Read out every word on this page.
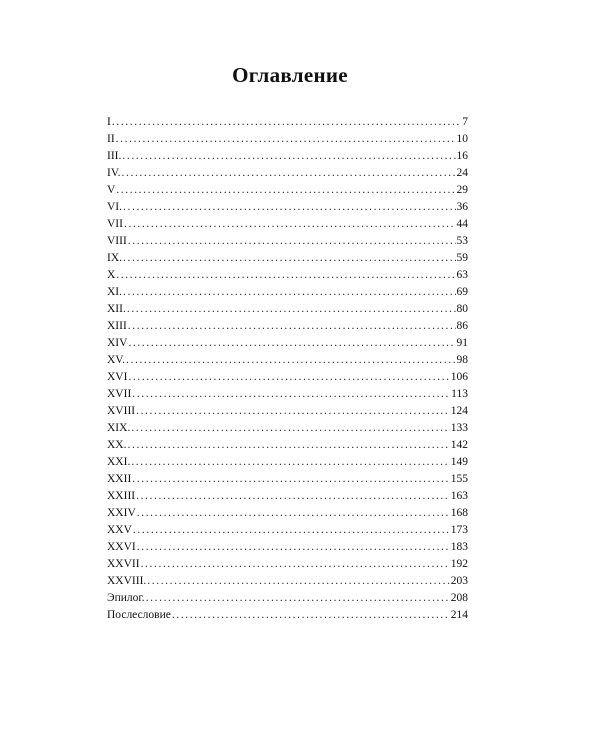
Оглавление
I .....	7
II .....	10
III. .....	16
IV. .....	24
V .....	29
VI. .....	36
VII .....	44
VIII .....	53
IX. .....	59
X .....	63
XI. .....	69
XII. .....	80
XIII .....	86
XIV .....	91
XV. .....	98
XVI .....	106
XVII .....	113
XVIII .....	124
XIX. .....	133
XX. .....	142
XXI. .....	149
XXII .....	155
XXIII .....	163
XXIV .....	168
XXV .....	173
XXVI .....	183
XXVII .....	192
XXVIII. .....	203
Эпилог. .....	208
Послесловие .....	214
